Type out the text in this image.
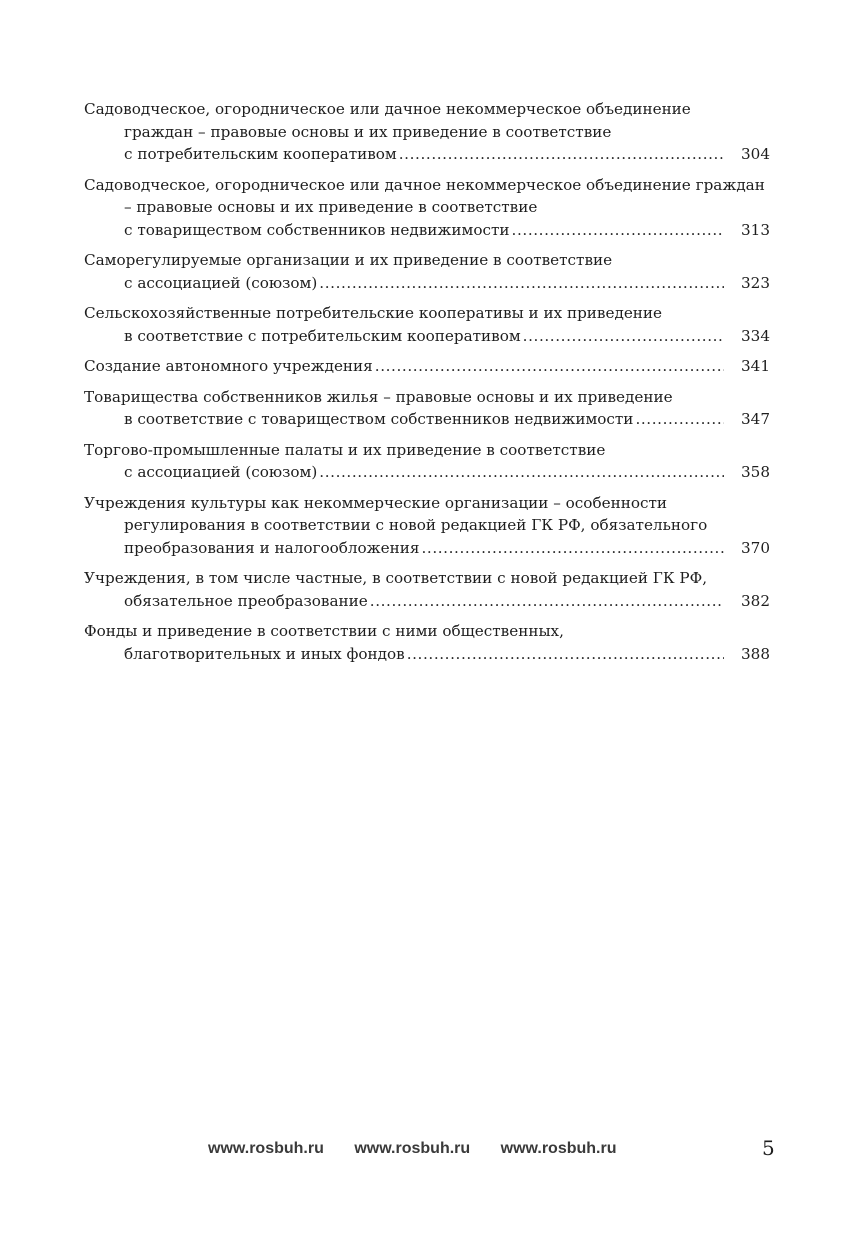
Садоводческое, огородническое или дачное некоммерческое объединение
граждан – правовые основы и их приведение в соответствие
с потребительским кооперативом .....	304
Садоводческое, огородническое или дачное некоммерческое объединение граждан
– правовые основы и их приведение в соответствие
с товариществом собственников недвижимости .....	313
Саморегулируемые организации и их приведение в соответствие
с ассоциацией (союзом) .....	323
Сельскохозяйственные потребительские кооперативы и их приведение
в соответствие с потребительским кооперативом .....	334
Создание автономного учреждения .....	341
Товарищества собственников жилья – правовые основы и их приведение
в соответствие с товариществом собственников недвижимости .....	347
Торгово-промышленные палаты и их приведение в соответствие
с ассоциацией (союзом) .....	358
Учреждения культуры как некоммерческие организации – особенности
регулирования в соответствии с новой редакцией ГК РФ, обязательного
преобразования и налогообложения .....	370
Учреждения, в том числе частные, в соответствии с новой редакцией ГК РФ,
обязательное преобразование .....	382
Фонды и приведение в соответствии с ними общественных,
благотворительных и иных фондов .....	388
www.rosbuh.ru www.rosbuh.ru www.rosbuh.ru	5
